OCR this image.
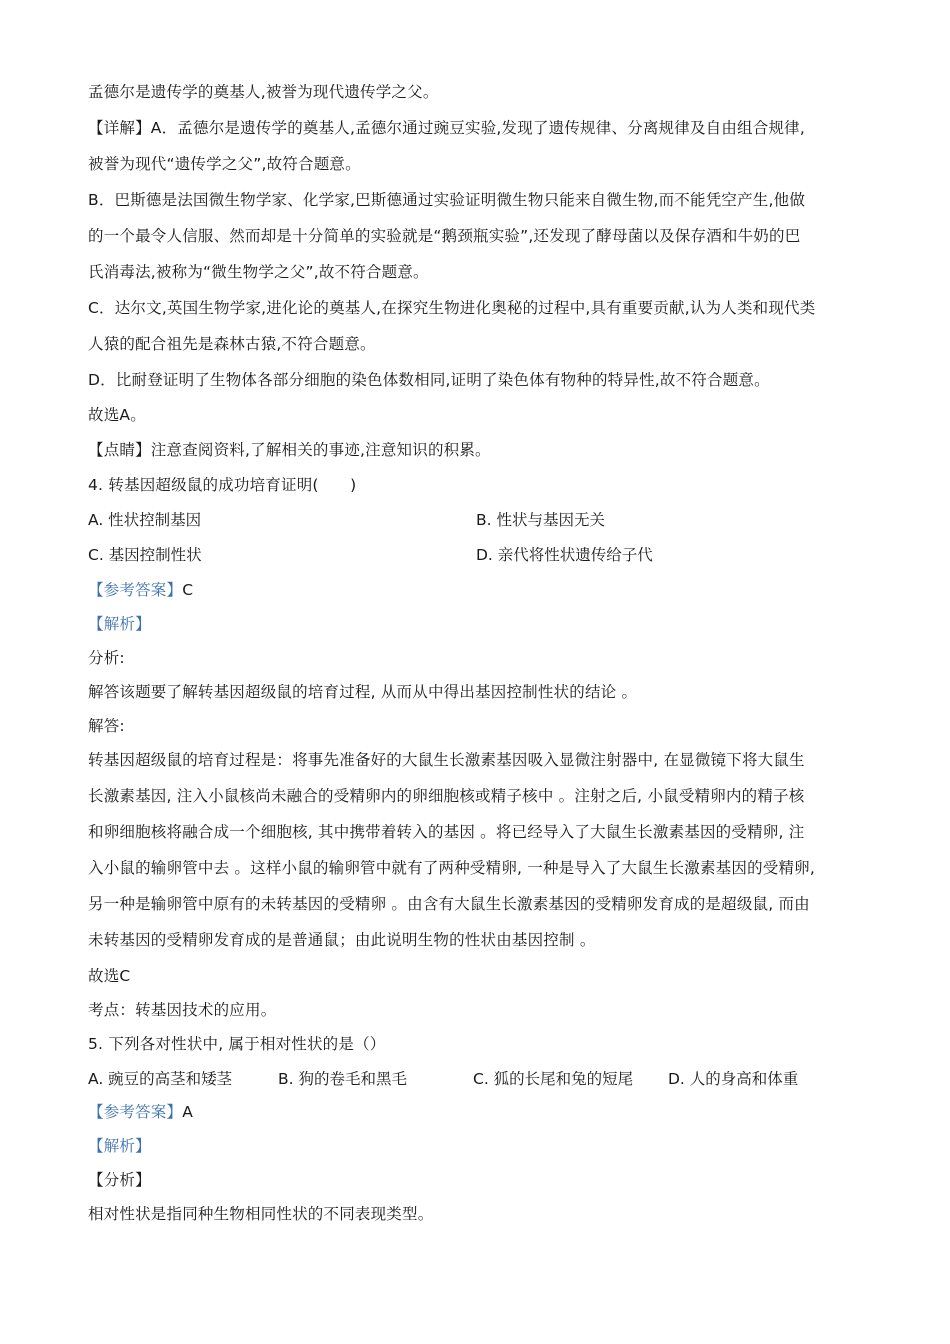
孟德尔是遗传学的奠基人,被誉为现代遗传学之父。
【详解】A．孟德尔是遗传学的奠基人,孟德尔通过豌豆实验,发现了遗传规律、分离规律及自由组合规律,
被誉为现代“遗传学之父”,故符合题意。
B．巴斯德是法国微生物学家、化学家,巴斯德通过实验证明微生物只能来自微生物,而不能凭空产生,他做
的一个最令人信服、然而却是十分简单的实验就是“鹅颈瓶实验”,还发现了酵母菌以及保存酒和牛奶的巴
氏消毒法,被称为“微生物学之父”,故不符合题意。
C．达尔文,英国生物学家,进化论的奠基人,在探究生物进化奥秘的过程中,具有重要贡献,认为人类和现代类
人猿的配合祖先是森林古猿,不符合题意。
D．比耐登证明了生物体各部分细胞的染色体数相同,证明了染色体有物种的特异性,故不符合题意。
故选A。
【点睛】注意查阅资料,了解相关的事迹,注意知识的积累。
4. 转基因超级鼠的成功培育证明(　　)
A. 性状控制基因	B. 性状与基因无关
C. 基因控制性状	D. 亲代将性状遗传给子代
【参考答案】C
【解析】
分析:
解答该题要了解转基因超级鼠的培育过程, 从而从中得出基因控制性状的结论 。
解答:
转基因超级鼠的培育过程是：将事先准备好的大鼠生长激素基因吸入显微注射器中, 在显微镜下将大鼠生
长激素基因, 注入小鼠核尚未融合的受精卵内的卵细胞核或精子核中 。注射之后, 小鼠受精卵内的精子核
和卵细胞核将融合成一个细胞核, 其中携带着转入的基因 。将已经导入了大鼠生长激素基因的受精卵, 注
入小鼠的输卵管中去 。这样小鼠的输卵管中就有了两种受精卵, 一种是导入了大鼠生长激素基因的受精卵,
另一种是输卵管中原有的未转基因的受精卵 。由含有大鼠生长激素基因的受精卵发育成的是超级鼠, 而由
未转基因的受精卵发育成的是普通鼠；由此说明生物的性状由基因控制 。
故选C
考点：转基因技术的应用。
5. 下列各对性状中, 属于相对性状的是（）
A. 豌豆的高茎和矮茎	B. 狗的卷毛和黑毛	C. 狐的长尾和兔的短尾 D. 人的身高和体重
【参考答案】A
【解析】
【分析】
相对性状是指同种生物相同性状的不同表现类型。
